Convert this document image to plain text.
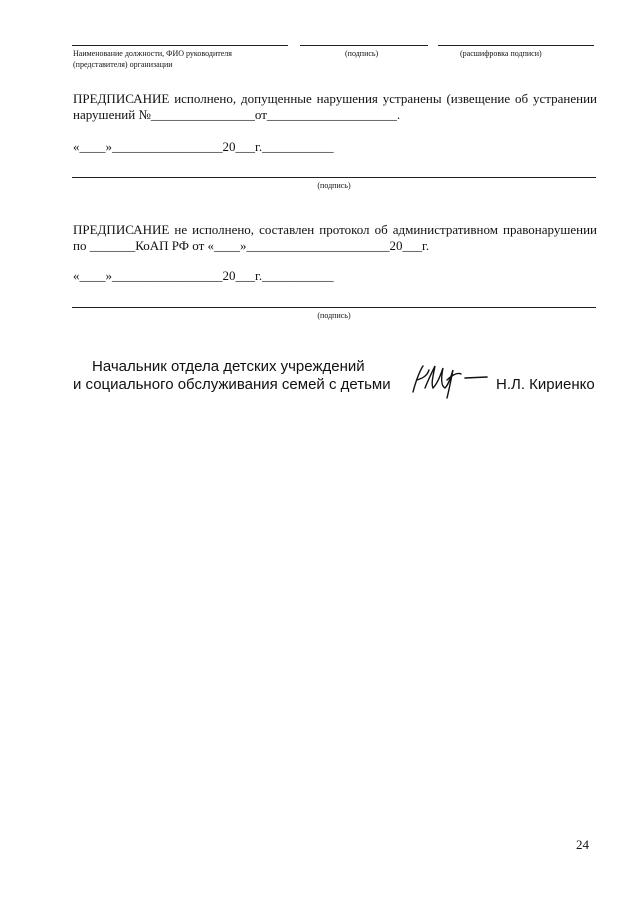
Наименование должности, ФИО руководителя
(представителя) организации
(подпись)	(расшифровка подписи)
ПРЕДПИСАНИЕ исполнено, допущенные нарушения устранены (извещение об устранении
нарушений №________________от____________________.
«____»_________________20___г.___________
(подпись)
ПРЕДПИСАНИЕ не исполнено, составлен протокол об административном правонарушении
по _______КоАП РФ от «____»______________________20___г.
«____»_________________20___г.___________
(подпись)
Начальник отдела детских учреждений
и социального обслуживания семей с детьми	Н.Л. Кириенко
24
